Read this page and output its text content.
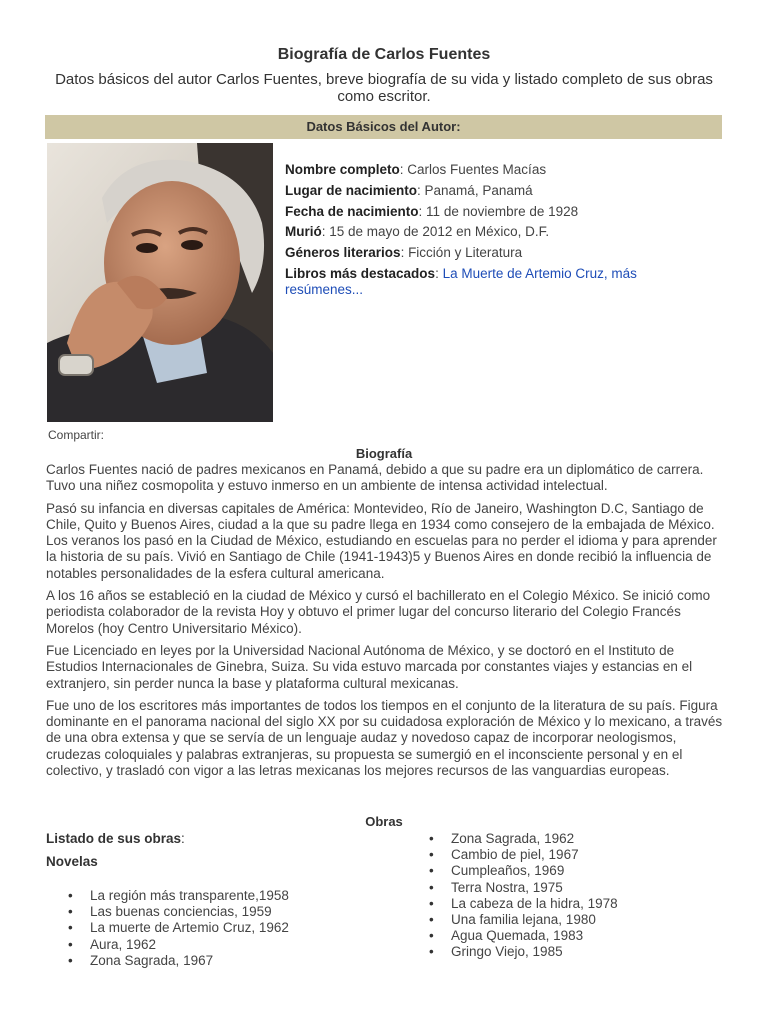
Biografía de Carlos Fuentes
Datos básicos del autor Carlos Fuentes, breve biografía de su vida y listado completo de sus obras como escritor.
Datos Básicos del Autor:
Nombre completo: Carlos Fuentes Macías
Lugar de nacimiento: Panamá, Panamá
Fecha de nacimiento: 11 de noviembre de 1928
Murió: 15 de mayo de 2012 en México, D.F.
Géneros literarios: Ficción y Literatura
Libros más destacados: La Muerte de Artemio Cruz, más resúmenes...
Compartir:
Biografía

Carlos Fuentes nació de padres mexicanos en Panamá, debido a que su padre era un diplomático de carrera. Tuvo una niñez cosmopolita y estuvo inmerso en un ambiente de intensa actividad intelectual.

Pasó su infancia en diversas capitales de América: Montevideo, Río de Janeiro, Washington D.C, Santiago de Chile, Quito y Buenos Aires, ciudad a la que su padre llega en 1934 como consejero de la embajada de México. Los veranos los pasó en la Ciudad de México, estudiando en escuelas para no perder el idioma y para aprender la historia de su país. Vivió en Santiago de Chile (1941-1943)5 y Buenos Aires en donde recibió la influencia de notables personalidades de la esfera cultural americana.

A los 16 años se estableció en la ciudad de México y cursó el bachillerato en el Colegio México. Se inició como periodista colaborador de la revista Hoy y obtuvo el primer lugar del concurso literario del Colegio Francés Morelos (hoy Centro Universitario México).

Fue Licenciado en leyes por la Universidad Nacional Autónoma de México, y se doctoró en el Instituto de Estudios Internacionales de Ginebra, Suiza. Su vida estuvo marcada por constantes viajes y estancias en el extranjero, sin perder nunca la base y plataforma cultural mexicanas.

Fue uno de los escritores más importantes de todos los tiempos en el conjunto de la literatura de su país. Figura dominante en el panorama nacional del siglo XX por su cuidadosa exploración de México y lo mexicano, a través de una obra extensa y que se servía de un lenguaje audaz y novedoso capaz de incorporar neologismos, crudezas coloquiales y palabras extranjeras, su propuesta se sumergió en el inconsciente personal y en el colectivo, y trasladó con vigor a las letras mexicanas los mejores recursos de las vanguardias europeas.

Obras
Listado de sus obras:
Novelas
• La región más transparente,1958
• Las buenas conciencias, 1959
• La muerte de Artemio Cruz, 1962
• Aura, 1962
• Zona Sagrada, 1967
• Zona Sagrada, 1962
• Cambio de piel, 1967
• Cumpleaños, 1969
• Terra Nostra, 1975
• La cabeza de la hidra, 1978
• Una familia lejana, 1980
• Agua Quemada, 1983
• Gringo Viejo, 1985
